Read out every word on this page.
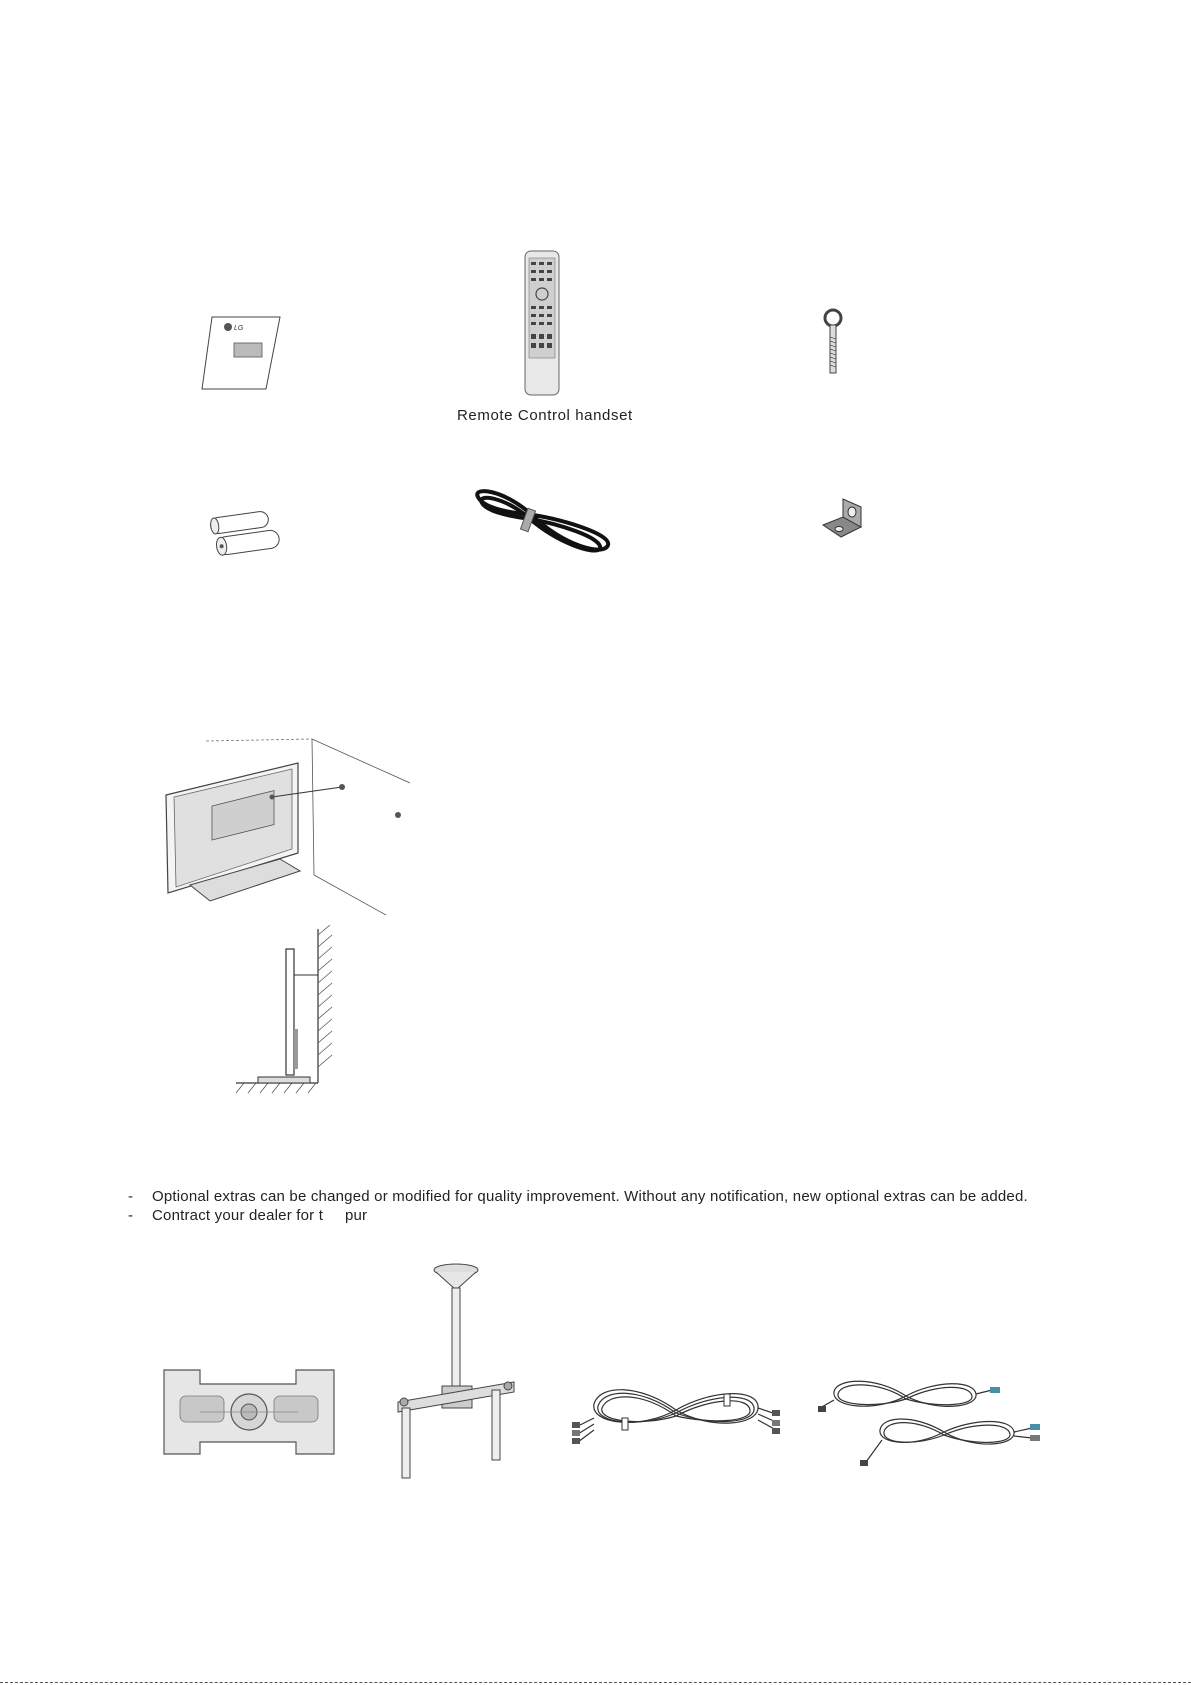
LG
Remote Control handset
- Optional extras can be changed or modified for quality improvement. Without any notification, new optional extras can be added.
- Contract your dealer for t     pur
